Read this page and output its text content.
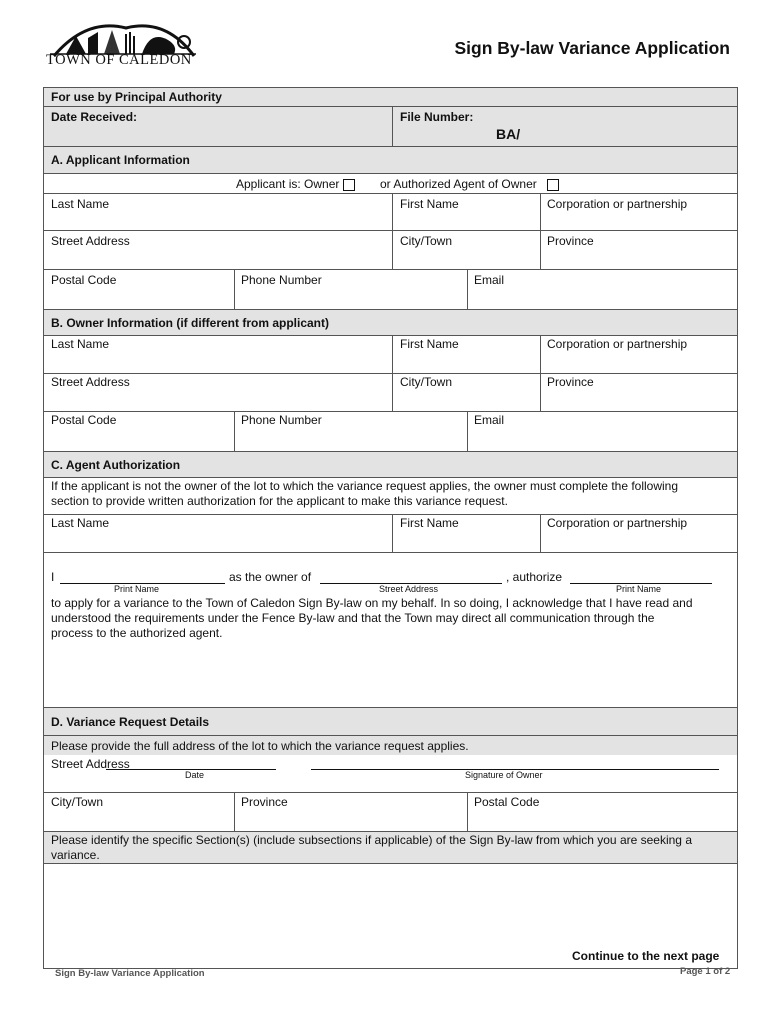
TOWN OF CALEDON
Sign By-law Variance Application
For use by Principal Authority
Date Received:	File Number:
BA/
A. Applicant Information
Applicant is: Owner	or Authorized Agent of Owner
Last Name	First Name	Corporation or partnership
Street Address	City/Town	Province
Postal Code	Phone Number	Email
B. Owner Information (if different from applicant)
Last Name	First Name	Corporation or partnership
Street Address	City/Town	Province
Postal Code	Phone Number	Email
C. Agent Authorization
If the applicant is not the owner of the lot to which the variance request applies, the owner must complete the following
section to provide written authorization for the applicant to make this variance request.
Last Name	First Name	Corporation or partnership
I	as the owner of	, authorize
Print Name	Street Address	Print Name
to apply for a variance to the Town of Caledon Sign By-law on my behalf. In so doing, I acknowledge that I have read and
understood the requirements under the Fence By-law and that the Town may direct all communication through the
process to the authorized agent.
Date	Signature of Owner
D. Variance Request Details
Please provide the full address of the lot to which the variance request applies.
Street Address
City/Town	Province	Postal Code
Please identify the specific Section(s) (include subsections if applicable) of the Sign By-law from which you are seeking a
variance.
Continue to the next page
Sign By-law Variance Application	Page 1 of 2
